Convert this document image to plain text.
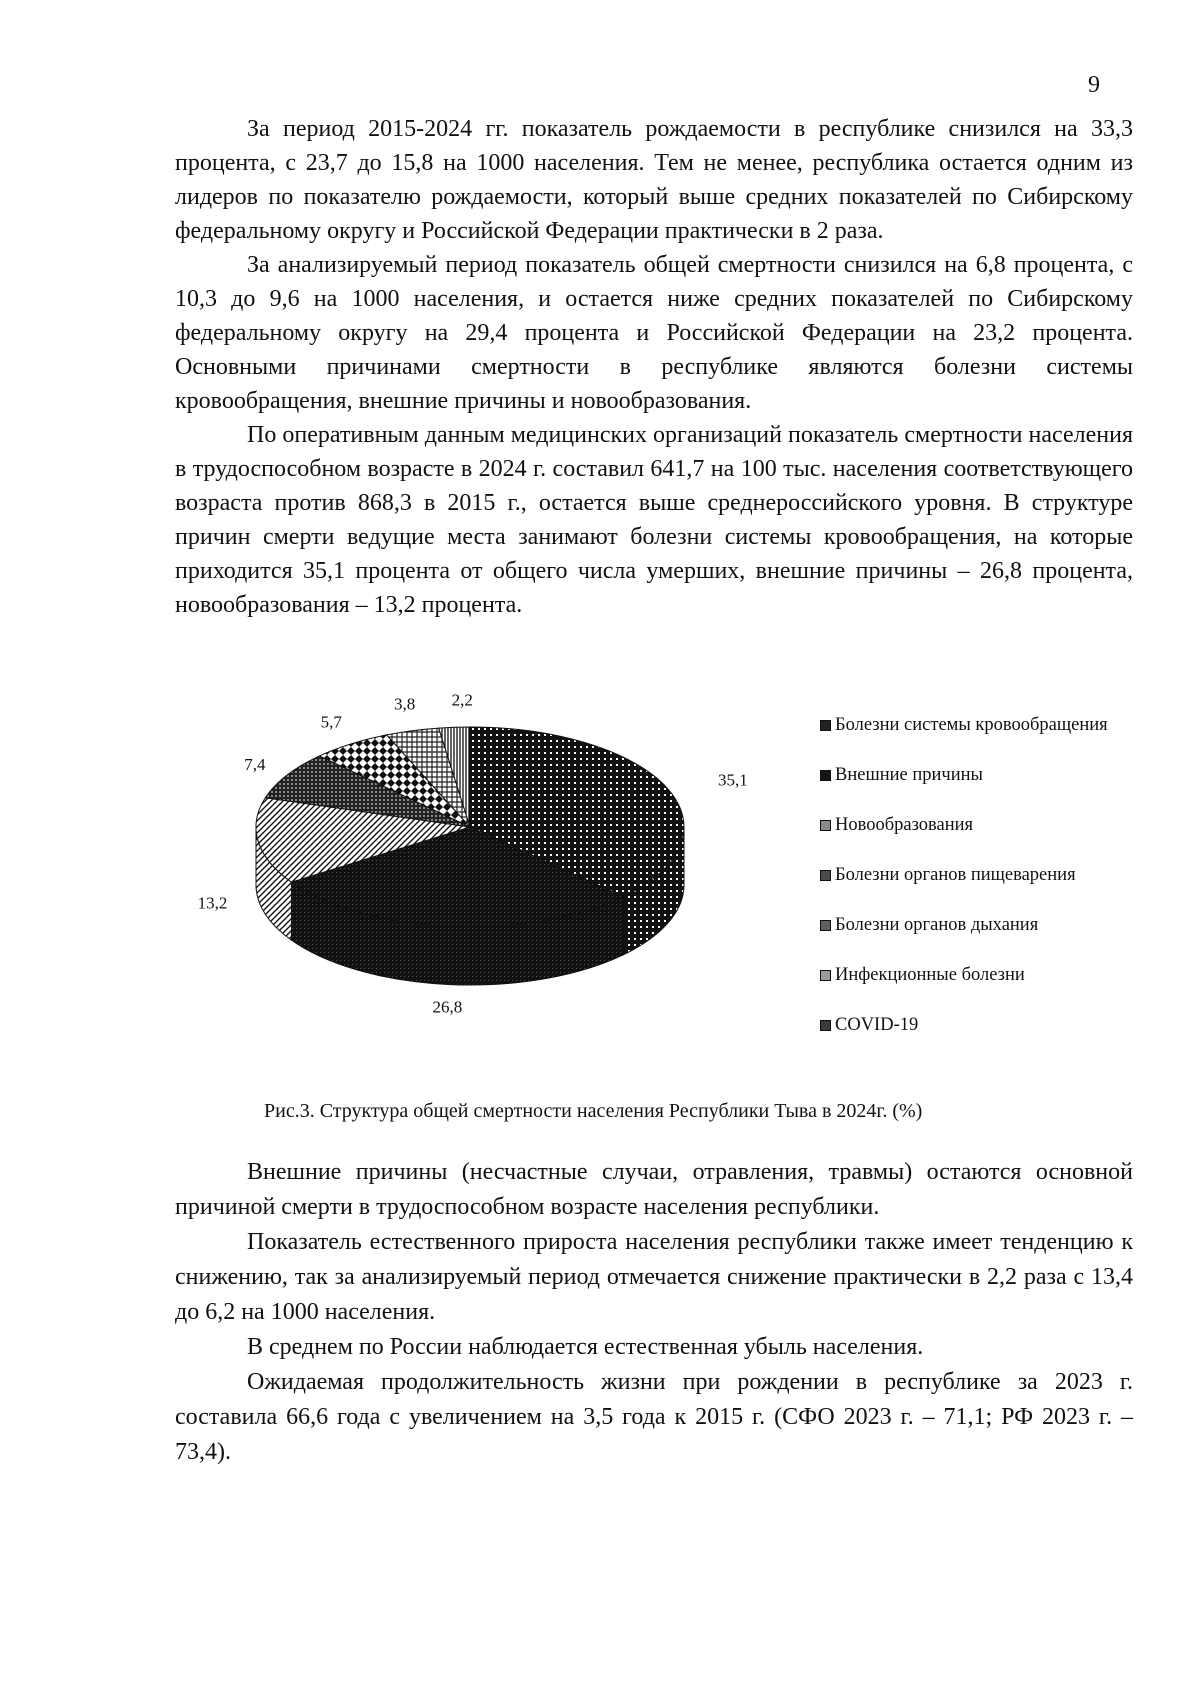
9

За период 2015-2024 гг. показатель рождаемости в республике снизился на 33,3 процента, с 23,7 до 15,8 на 1000 населения. Тем не менее, республика остается одним из лидеров по показателю рождаемости, который выше средних показателей по Сибирскому федеральному округу и Российской Федерации практически в 2 раза.

За анализируемый период показатель общей смертности снизился на 6,8 процента, с 10,3 до 9,6 на 1000 населения, и остается ниже средних показателей по Сибирскому федеральному округу на 29,4 процента и Российской Федерации на 23,2 процента. Основными причинами смертности в республике являются болезни системы кровообращения, внешние причины и новообразования.

По оперативным данным медицинских организаций показатель смертности населения в трудоспособном возрасте в 2024 г. составил 641,7 на 100 тыс. населения соответствующего возраста против 868,3 в 2015 г., остается выше среднероссийского уровня. В структуре причин смерти ведущие места занимают болезни системы кровообращения, на которые приходится 35,1 процента от общего числа умерших, внешние причины – 26,8 процента, новообразования – 13,2 процента.

35,1
26,8
13,2
7,4
5,7
3,8 2,2
Болезни системы кровообращения
Внешние причины
Новообразования
Болезни органов пищеварения
Болезни органов дыхания
Инфекционные болезни
COVID-19
Рис.3. Структура общей смертности населения Республики Тыва в 2024г. (%)

Внешние причины (несчастные случаи, отравления, травмы) остаются основной причиной смерти в трудоспособном возрасте населения республики.

Показатель естественного прироста населения республики также имеет тенденцию к снижению, так за анализируемый период отмечается снижение практически в 2,2 раза с 13,4 до 6,2 на 1000 населения.

В среднем по России наблюдается естественная убыль населения.

Ожидаемая продолжительность жизни при рождении в республике за 2023 г. составила 66,6 года с увеличением на 3,5 года к 2015 г. (СФО 2023 г. – 71,1; РФ 2023 г. – 73,4).
